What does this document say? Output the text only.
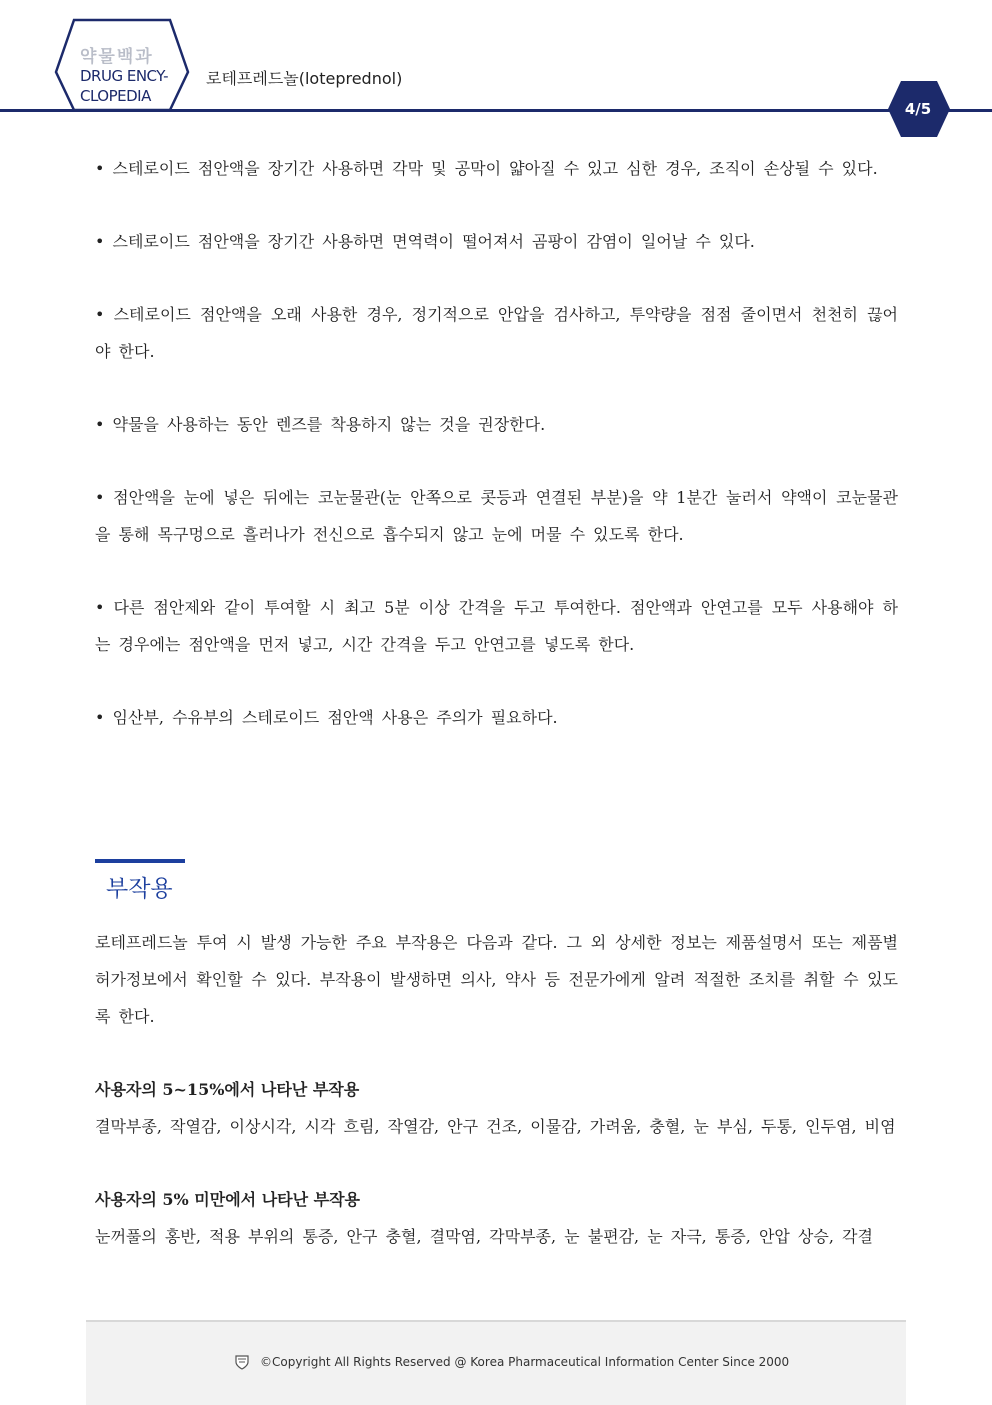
약물백과
DRUG ENCY-
CLOPEDIA
로테프레드놀(loteprednol)
4/5

• 스테로이드 점안액을 장기간 사용하면 각막 및 공막이 얇아질 수 있고 심한 경우, 조직이 손상될 수 있다.

• 스테로이드 점안액을 장기간 사용하면 면역력이 떨어져서 곰팡이 감염이 일어날 수 있다.

• 스테로이드 점안액을 오래 사용한 경우, 정기적으로 안압을 검사하고, 투약량을 점점 줄이면서 천천히 끊어야 한다.

• 약물을 사용하는 동안 렌즈를 착용하지 않는 것을 권장한다.

• 점안액을 눈에 넣은 뒤에는 코눈물관(눈 안쪽으로 콧등과 연결된 부분)을 약 1분간 눌러서 약액이 코눈물관을 통해 목구멍으로 흘러나가 전신으로 흡수되지 않고 눈에 머물 수 있도록 한다.

• 다른 점안제와 같이 투여할 시 최고 5분 이상 간격을 두고 투여한다. 점안액과 안연고를 모두 사용해야 하는 경우에는 점안액을 먼저 넣고, 시간 간격을 두고 안연고를 넣도록 한다.

• 임산부, 수유부의 스테로이드 점안액 사용은 주의가 필요하다.

부작용

로테프레드놀 투여 시 발생 가능한 주요 부작용은 다음과 같다. 그 외 상세한 정보는 제품설명서 또는 제품별 허가정보에서 확인할 수 있다. 부작용이 발생하면 의사, 약사 등 전문가에게 알려 적절한 조치를 취할 수 있도록 한다.

사용자의 5~15%에서 나타난 부작용

결막부종, 작열감, 이상시각, 시각 흐림, 작열감, 안구 건조, 이물감, 가려움, 충혈, 눈 부심, 두통, 인두염, 비염

사용자의 5% 미만에서 나타난 부작용

눈꺼풀의 홍반, 적용 부위의 통증, 안구 충혈, 결막염, 각막부종, 눈 불편감, 눈 자극, 통증, 안압 상승, 각결

©Copyright All Rights Reserved @ Korea Pharmaceutical Information Center Since 2000
